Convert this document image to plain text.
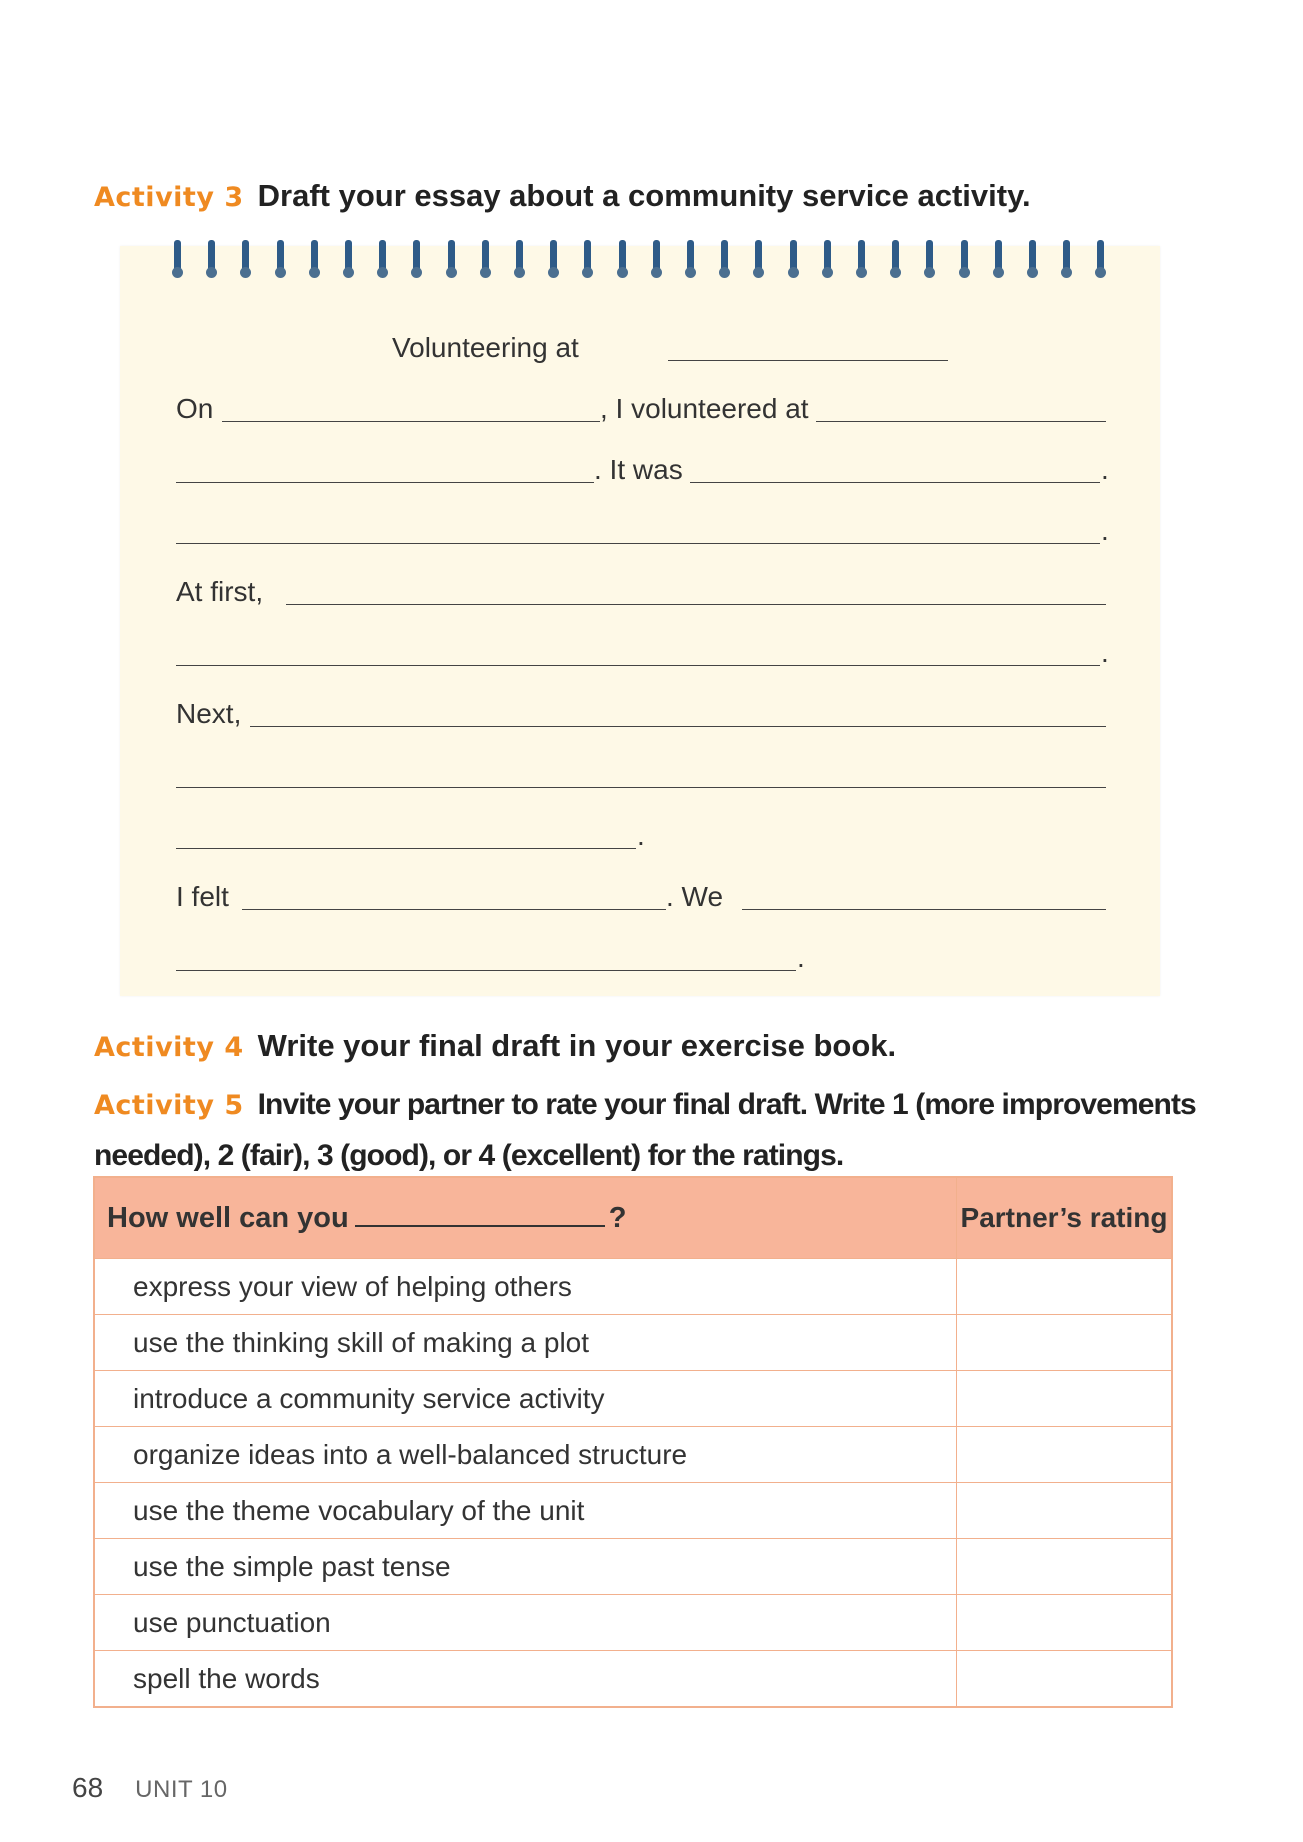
Activity 3 Draft your essay about a community service activity.
Volunteering at
On	, I volunteered at
. It was	.
.
At first,
.
Next,
.
I felt	. We
.
Activity 4 Write your final draft in your exercise book.
Activity 5 Invite your partner to rate your final draft. Write 1 (more improvements needed), 2 (fair), 3 (good), or 4 (excellent) for the ratings.
How well can you ?	Partner’s rating
express your view of helping others	
use the thinking skill of making a plot	
introduce a community service activity	
organize ideas into a well-balanced structure	
use the theme vocabulary of the unit	
use the simple past tense	
use punctuation	
spell the words	
68 UNIT 10
